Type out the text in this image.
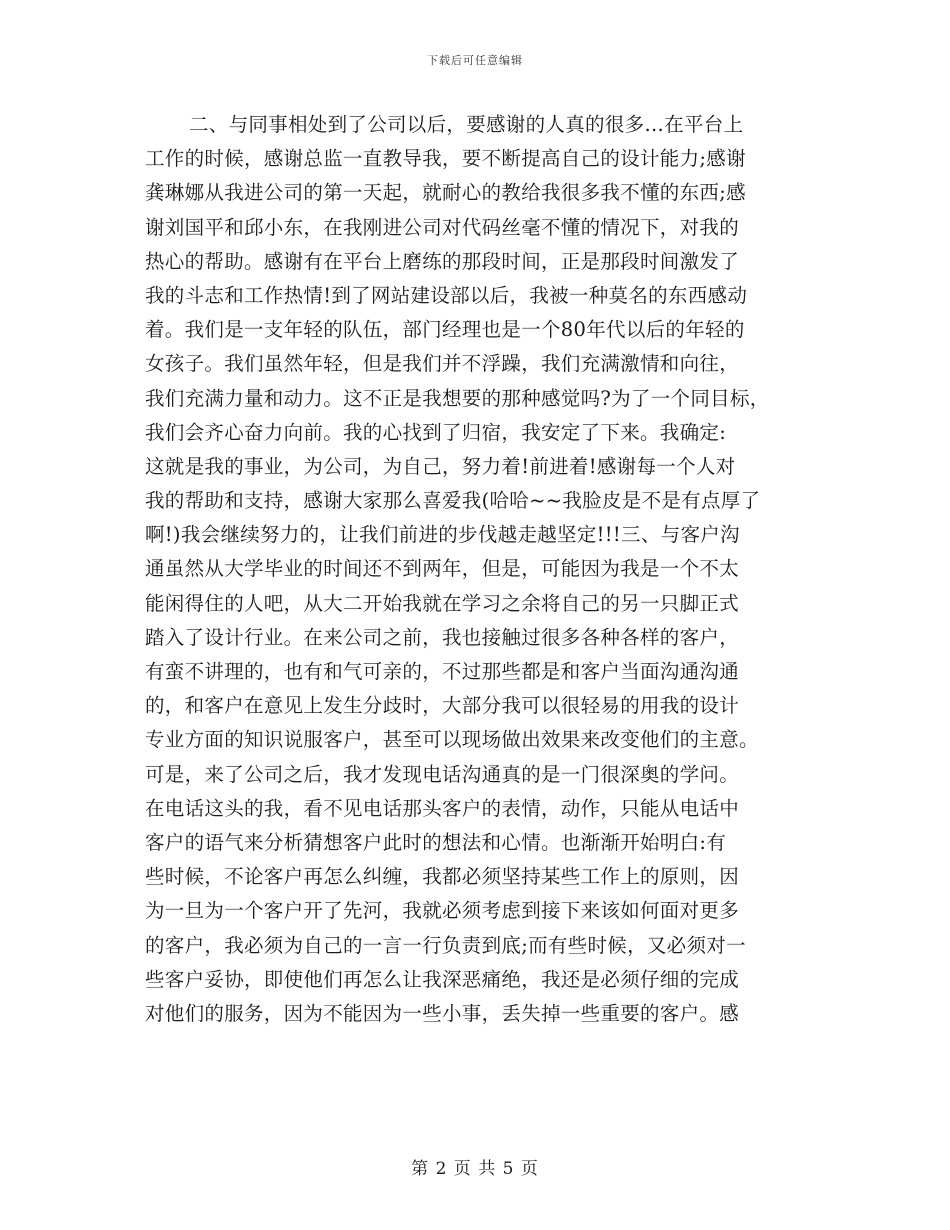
下载后可任意编辑
二、与同事相处到了公司以后，要感谢的人真的很多…在平台上
工作的时候，感谢总监一直教导我，要不断提高自己的设计能力;感谢
龚琳娜从我进公司的第一天起，就耐心的教给我很多我不懂的东西;感
谢刘国平和邱小东，在我刚进公司对代码丝毫不懂的情况下，对我的
热心的帮助。感谢有在平台上磨练的那段时间，正是那段时间激发了
我的斗志和工作热情!到了网站建设部以后，我被一种莫名的东西感动
着。我们是一支年轻的队伍，部门经理也是一个80年代以后的年轻的
女孩子。我们虽然年轻，但是我们并不浮躁，我们充满激情和向往，
我们充满力量和动力。这不正是我想要的那种感觉吗?为了一个同目标，
我们会齐心奋力向前。我的心找到了归宿，我安定了下来。我确定:
这就是我的事业，为公司，为自己，努力着!前进着!感谢每一个人对
我的帮助和支持，感谢大家那么喜爱我(哈哈~~我脸皮是不是有点厚了
啊!)我会继续努力的，让我们前进的步伐越走越坚定!!!三、与客户沟
通虽然从大学毕业的时间还不到两年，但是，可能因为我是一个不太
能闲得住的人吧，从大二开始我就在学习之余将自己的另一只脚正式
踏入了设计行业。在来公司之前，我也接触过很多各种各样的客户，
有蛮不讲理的，也有和气可亲的，不过那些都是和客户当面沟通沟通
的，和客户在意见上发生分歧时，大部分我可以很轻易的用我的设计
专业方面的知识说服客户，甚至可以现场做出效果来改变他们的主意。
可是，来了公司之后，我才发现电话沟通真的是一门很深奥的学问。
在电话这头的我，看不见电话那头客户的表情，动作，只能从电话中
客户的语气来分析猜想客户此时的想法和心情。也渐渐开始明白:有
些时候，不论客户再怎么纠缠，我都必须坚持某些工作上的原则，因
为一旦为一个客户开了先河，我就必须考虑到接下来该如何面对更多
的客户，我必须为自己的一言一行负责到底;而有些时候，又必须对一
些客户妥协，即使他们再怎么让我深恶痛绝，我还是必须仔细的完成
对他们的服务，因为不能因为一些小事，丢失掉一些重要的客户。感
第 2 页 共 5 页
